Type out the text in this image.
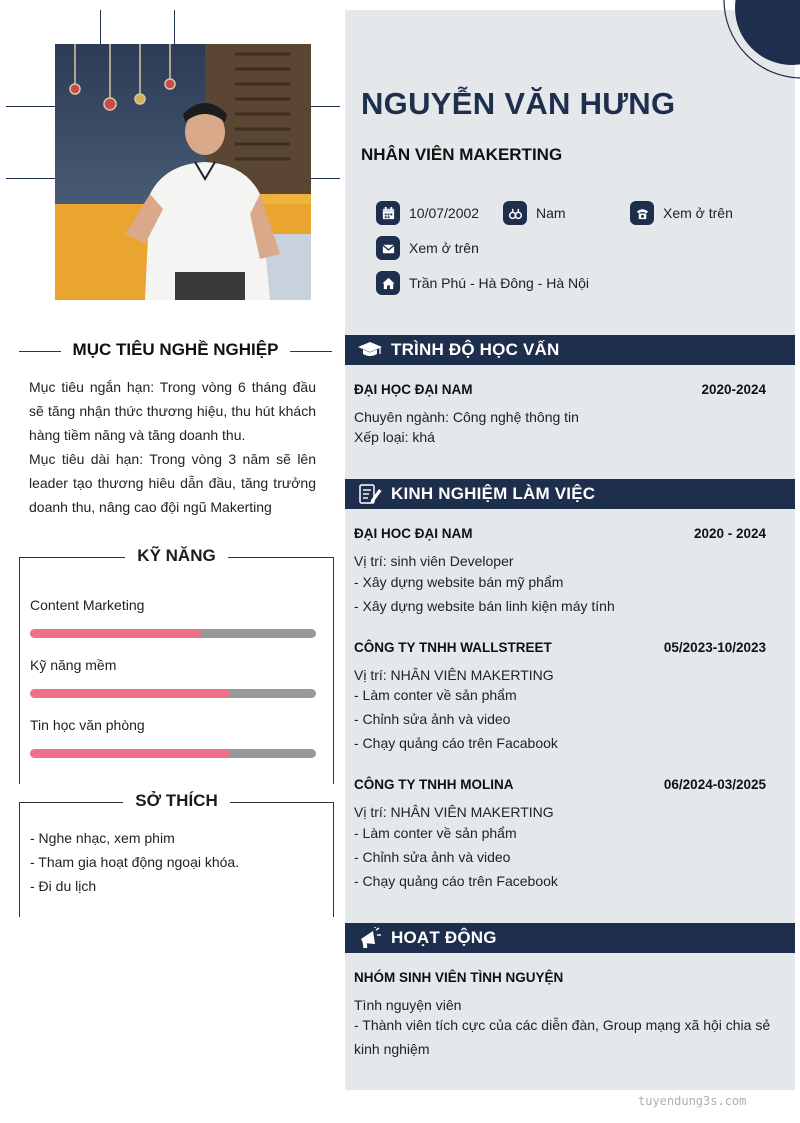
NGUYỄN VĂN HƯNG
NHÂN VIÊN MAKERTING
10/07/2002	Nam	Xem ở trên
Xem ở trên
Trần Phú - Hà Đông - Hà Nội
MỤC TIÊU NGHỀ NGHIỆP
Mục tiêu ngắn hạn: Trong vòng 6 tháng đầu sẽ tăng nhận thức thương hiệu, thu hút khách hàng tiềm năng và tăng doanh thu.
Mục tiêu dài hạn: Trong vòng 3 năm sẽ lên leader tạo thương hiêu dẫn đầu, tăng trưởng doanh thu, nâng cao đội ngũ Makerting
KỸ NĂNG
Content Marketing
Kỹ năng mềm
Tin học văn phòng
SỞ THÍCH
- Nghe nhạc, xem phim
- Tham gia hoạt động ngoại khóa.
- Đi du lịch
TRÌNH ĐỘ HỌC VẤN
ĐẠI HỌC ĐẠI NAM	2020-2024
Chuyên ngành: Công nghệ thông tin
Xếp loại: khá
KINH NGHIỆM LÀM VIỆC
ĐẠI HOC ĐẠI NAM	2020 - 2024
Vị trí: sinh viên Developer
- Xây dựng website bán mỹ phẩm
- Xây dựng website bán linh kiện máy tính
CÔNG TY TNHH WALLSTREET	05/2023-10/2023
Vị trí: NHÂN VIÊN MAKERTING
- Làm conter về sản phẩm
- Chỉnh sửa ảnh và video
- Chạy quảng cáo trên Facabook
CÔNG TY TNHH MOLINA	06/2024-03/2025
Vị trí: NHÂN VIÊN MAKERTING
- Làm conter về sản phẩm
- Chỉnh sửa ảnh và video
- Chạy quảng cáo trên Facebook
HOẠT ĐỘNG
NHÓM SINH VIÊN TÌNH NGUYỆN
Tình nguyện viên
- Thành viên tích cực của các diễn đàn, Group mạng xã hội chia sẻ
kinh nghiệm
tuyendung3s.com
